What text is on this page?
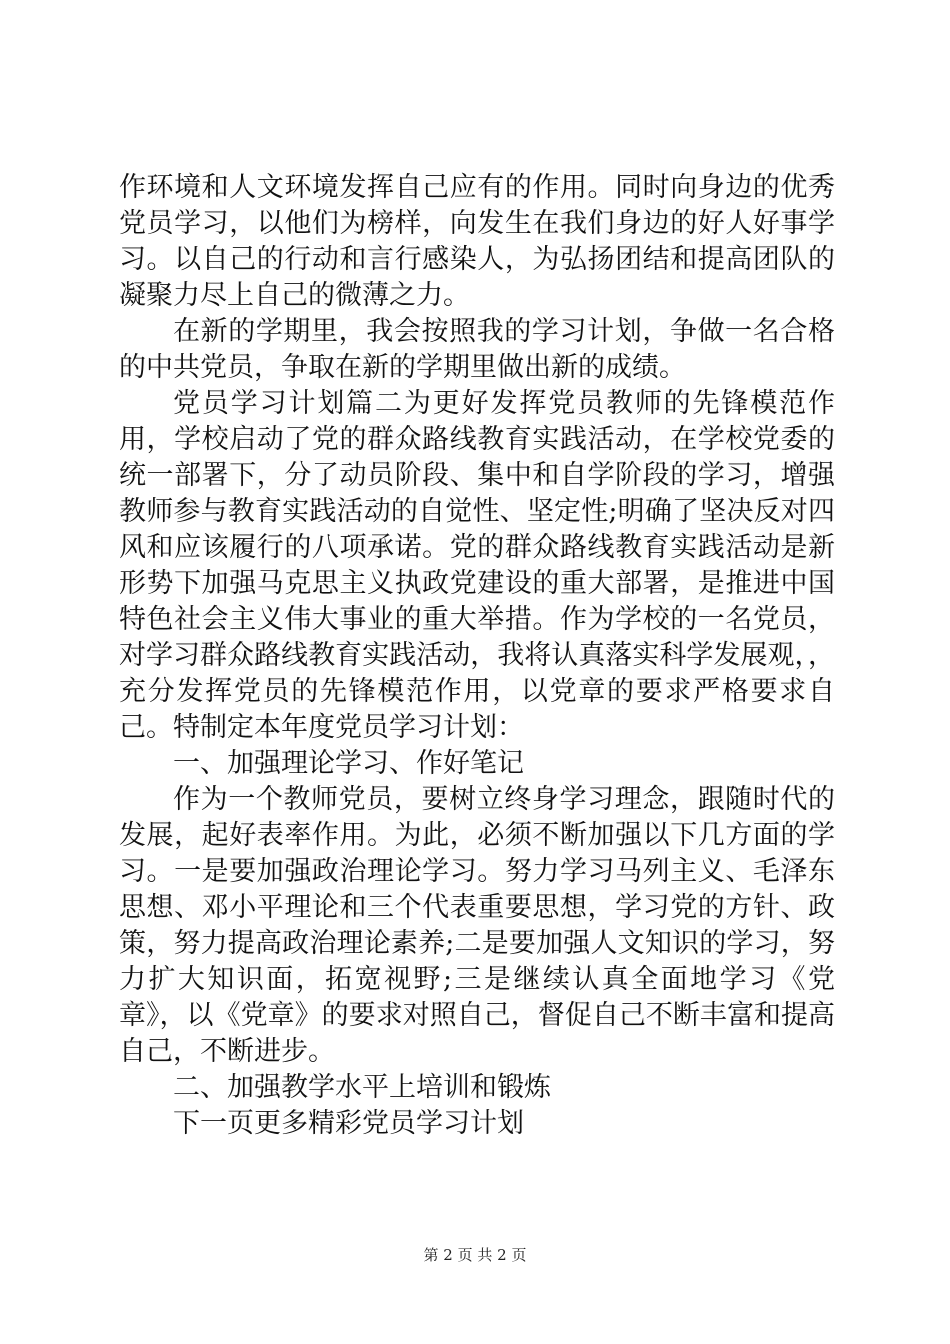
作环境和人文环境发挥自己应有的作用。同时向身边的优秀党员学习，以他们为榜样，向发生在我们身边的好人好事学习。以自己的行动和言行感染人，为弘扬团结和提高团队的凝聚力尽上自己的微薄之力。

在新的学期里，我会按照我的学习计划，争做一名合格的中共党员，争取在新的学期里做出新的成绩。

党员学习计划篇二为更好发挥党员教师的先锋模范作用，学校启动了党的群众路线教育实践活动，在学校党委的统一部署下，分了动员阶段、集中和自学阶段的学习，增强教师参与教育实践活动的自觉性、坚定性;明确了坚决反对四风和应该履行的八项承诺。党的群众路线教育实践活动是新形势下加强马克思主义执政党建设的重大部署，是推进中国特色社会主义伟大事业的重大举措。作为学校的一名党员，对学习群众路线教育实践活动，我将认真落实科学发展观，，充分发挥党员的先锋模范作用，以党章的要求严格要求自己。特制定本年度党员学习计划：

一、加强理论学习、作好笔记

作为一个教师党员，要树立终身学习理念，跟随时代的发展，起好表率作用。为此，必须不断加强以下几方面的学习。一是要加强政治理论学习。努力学习马列主义、毛泽东思想、邓小平理论和三个代表重要思想，学习党的方针、政策，努力提高政治理论素养;二是要加强人文知识的学习，努力扩大知识面，拓宽视野;三是继续认真全面地学习《党章》，以《党章》的要求对照自己，督促自己不断丰富和提高自己，不断进步。

二、加强教学水平上培训和锻炼

下一页更多精彩党员学习计划

第 2 页 共 2 页
